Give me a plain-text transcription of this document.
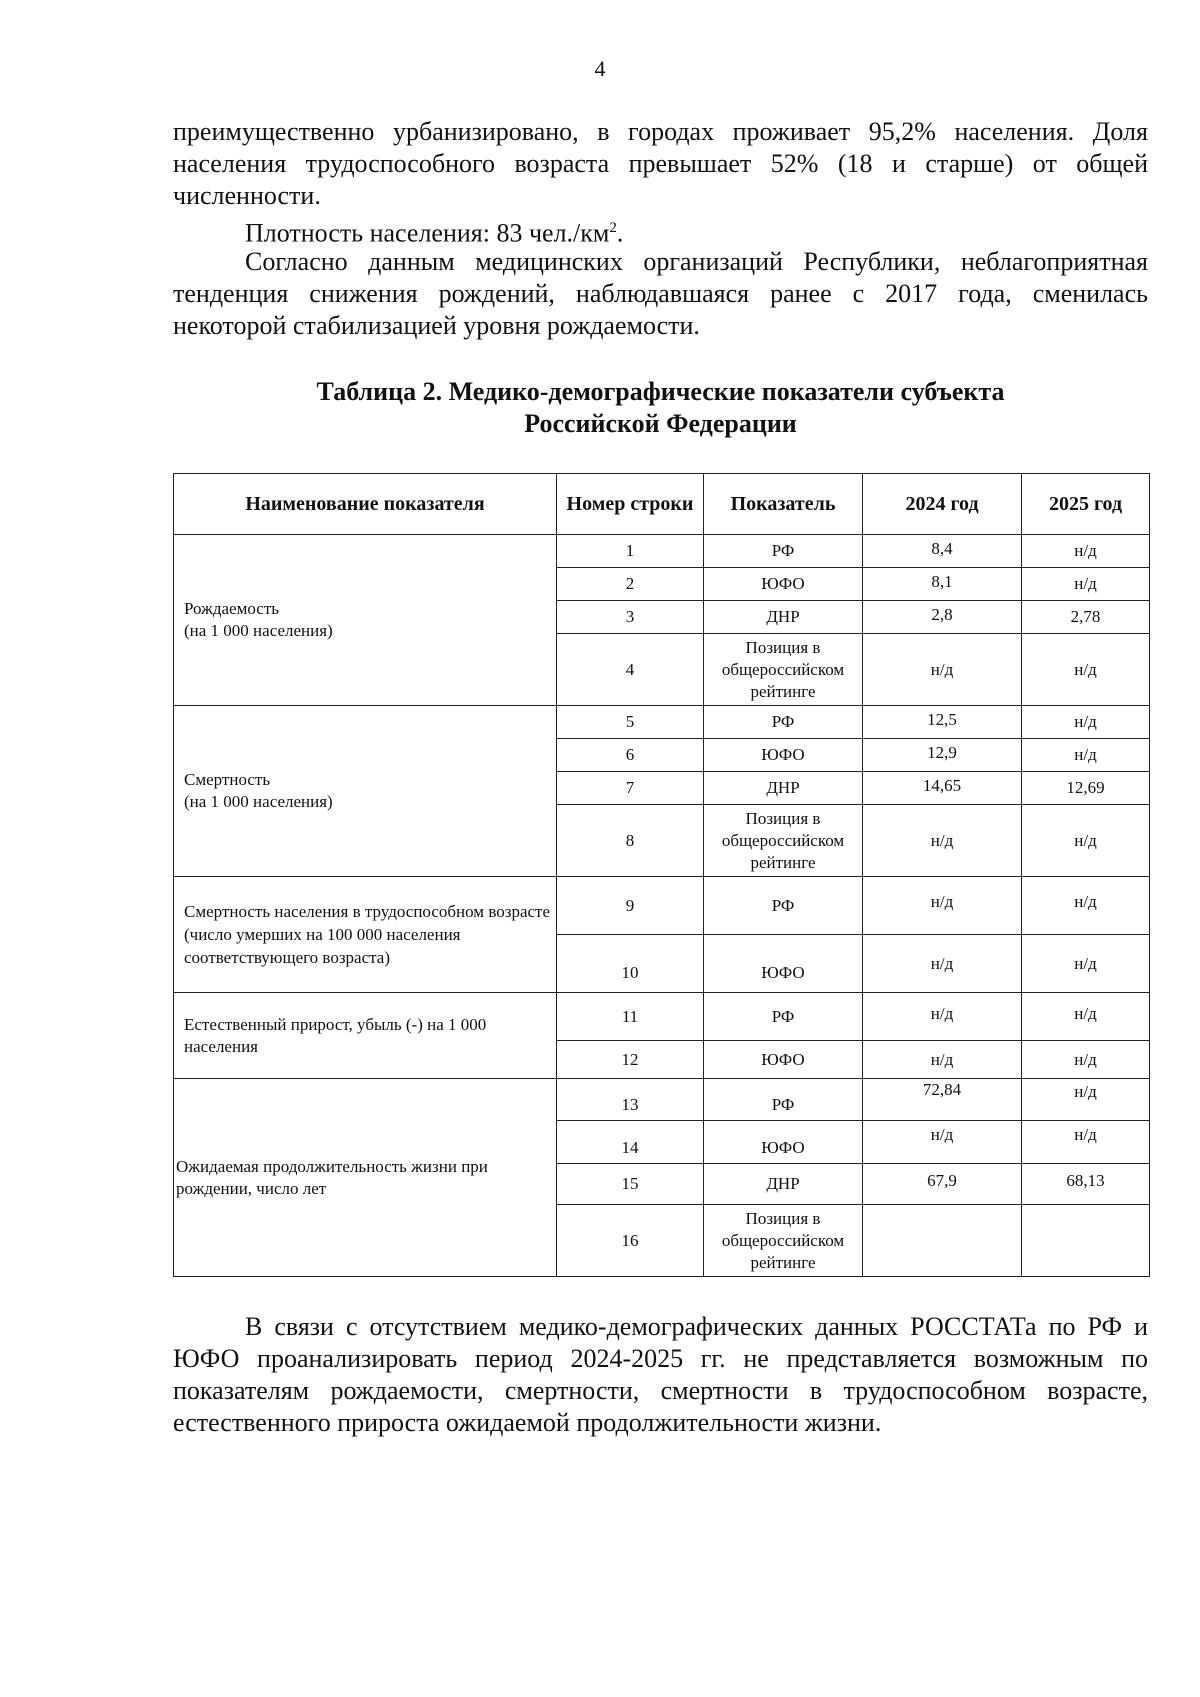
4

преимущественно урбанизировано, в городах проживает 95,2% населения. Доля населения трудоспособного возраста превышает 52% (18 и старше) от общей численности.

Плотность населения: 83 $чел./км^2$.

Согласно данным медицинских организаций Республики, неблагоприятная тенденция снижения рождений, наблюдавшаяся ранее с 2017 года, сменилась некоторой стабилизацией уровня рождаемости.

Таблица 2. Медико-демографические показатели субъекта
Российской Федерации
Наименование показателя	Номер строки	Показатель	2024 год	2025 год
Рождаемость
(на 1 000 населения)	1	РФ	8,4	н/д
	2	ЮФО	8,1	н/д
	3	ДНР	2,8	2,78
	4	Позиция в общероссийском рейтинге	н/д	н/д
Смертность
(на 1 000 населения)	5	РФ	12,5	н/д
	6	ЮФО	12,9	н/д
	7	ДНР	14,65	12,69
	8	Позиция в общероссийском рейтинге	н/д	н/д
Смертность населения в трудоспособном возрасте (число умерших на 100 000 населения соответствующего возраста)	9	РФ	н/д	н/д
	10	ЮФО	н/д	н/д
Естественный прирост, убыль (-) на 1 000 населения	11	РФ	н/д	н/д
	12	ЮФО	н/д	н/д
Ожидаемая продолжительность жизни при рождении, число лет	13	РФ	72,84	н/д
	14	ЮФО	н/д	н/д
	15	ДНР	67,9	68,13
	16	Позиция в общероссийском рейтинге		

В связи с отсутствием медико-демографических данных РОССТАТа по РФ и ЮФО проанализировать период 2024-2025 гг. не представляется возможным по показателям рождаемости, смертности, смертности в трудоспособном возрасте, естественного прироста ожидаемой продолжительности жизни.
